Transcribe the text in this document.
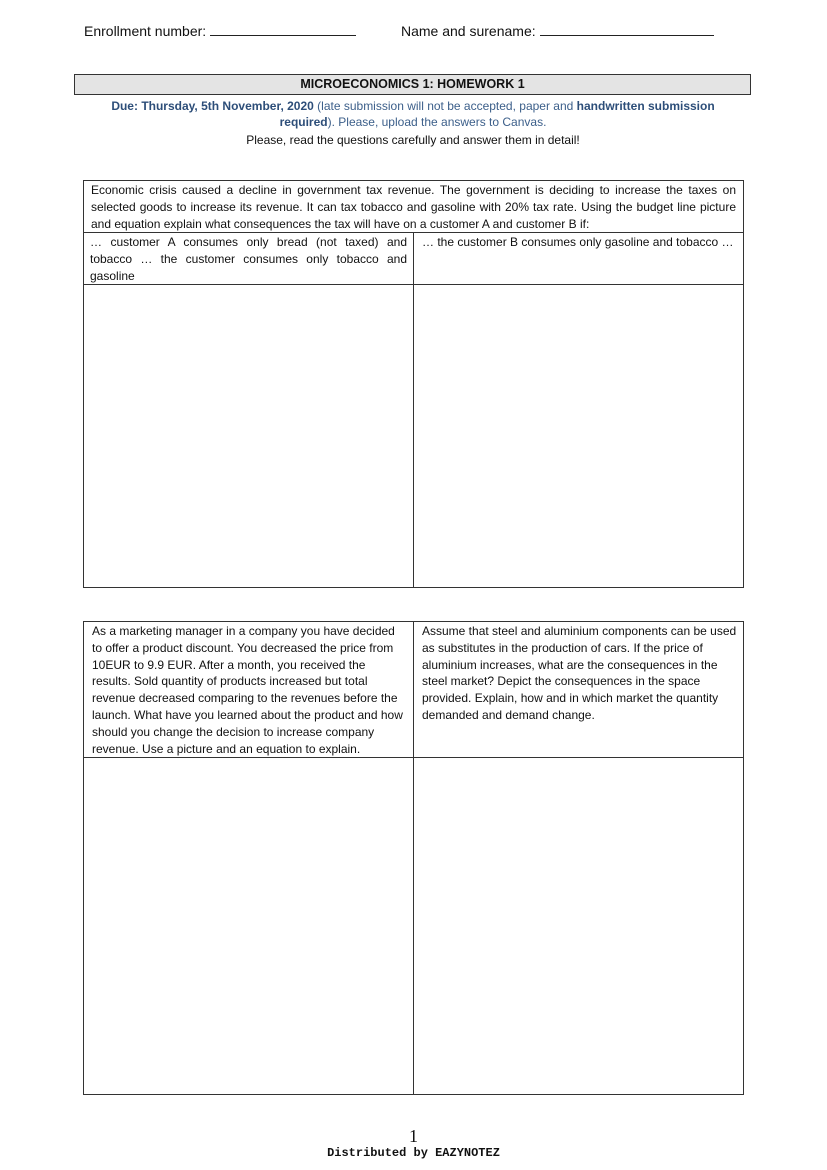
Enrollment number:	Name and surename:
MICROECONOMICS 1: HOMEWORK 1
Due: Thursday, 5th November, 2020 (late submission will not be accepted, paper and handwritten submission required). Please, upload the answers to Canvas.
Please, read the questions carefully and answer them in detail!
Economic crisis caused a decline in government tax revenue. The government is deciding to increase the taxes on selected goods to increase its revenue. It can tax tobacco and gasoline with 20% tax rate. Using the budget line picture and equation explain what consequences the tax will have on a customer A and customer B if:
… customer A consumes only bread (not taxed) and tobacco … the customer consumes only tobacco and gasoline
… the customer B consumes only gasoline and tobacco …
As a marketing manager in a company you have decided to offer a product discount. You decreased the price from 10EUR to 9.9 EUR. After a month, you received the results. Sold quantity of products increased but total revenue decreased comparing to the revenues before the launch. What have you learned about the product and how should you change the decision to increase company revenue. Use a picture and an equation to explain.
Assume that steel and aluminium components can be used as substitutes in the production of cars. If the price of aluminium increases, what are the consequences in the steel market? Depict the consequences in the space provided. Explain, how and in which market the quantity demanded and demand change.
1
Distributed by EAZYNOTEZ
